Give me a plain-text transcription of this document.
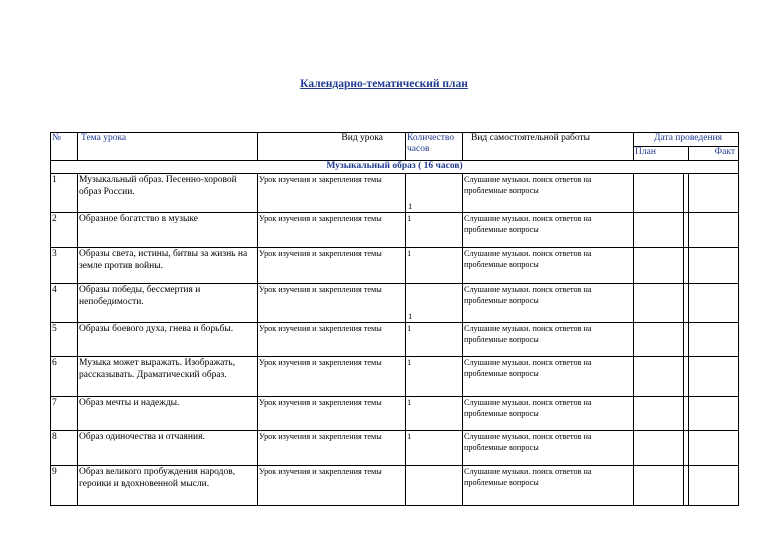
Календарно-тематический план
№	Тема урока	Вид урока	Количество часов	Вид самостоятельной работы	Дата проведения		
					План		Факт
Музыкальный образ ( 16 часов)							
1	Музыкальный образ. Песенно-хоровой образ России.	Урок изучения и закрепления темы	1	Слушание музыки. поиск ответов на проблемные вопросы			
2	Образное богатство в музыке	Урок изучения и закрепления темы	1	Слушание музыки. поиск ответов на проблемные вопросы			
3	Образы света, истины, битвы за жизнь на земле против войны.	Урок изучения и закрепления темы	1	Слушание музыки. поиск ответов на проблемные вопросы			
4	Образы победы, бессмертия и непобедимости.	Урок изучения и закрепления темы	1	Слушание музыки. поиск ответов на проблемные вопросы			
5	Образы боевого духа, гнева и борьбы.	Урок изучения и закрепления темы	1	Слушание музыки. поиск ответов на проблемные вопросы			
6	Музыка может выражать. Изображать, рассказывать. Драматический образ.	Урок изучения и закрепления темы	1	Слушание музыки. поиск ответов на проблемные вопросы			
7	Образ мечты и надежды.	Урок изучения и закрепления темы	1	Слушание музыки. поиск ответов на проблемные вопросы			
8	Образ одиночества и отчаяния.	Урок изучения и закрепления темы	1	Слушание музыки. поиск ответов на проблемные вопросы			
9	Образ великого пробуждения народов, героики и вдохновенной мысли.	Урок изучения и закрепления темы		Слушание музыки. поиск ответов на проблемные вопросы			
